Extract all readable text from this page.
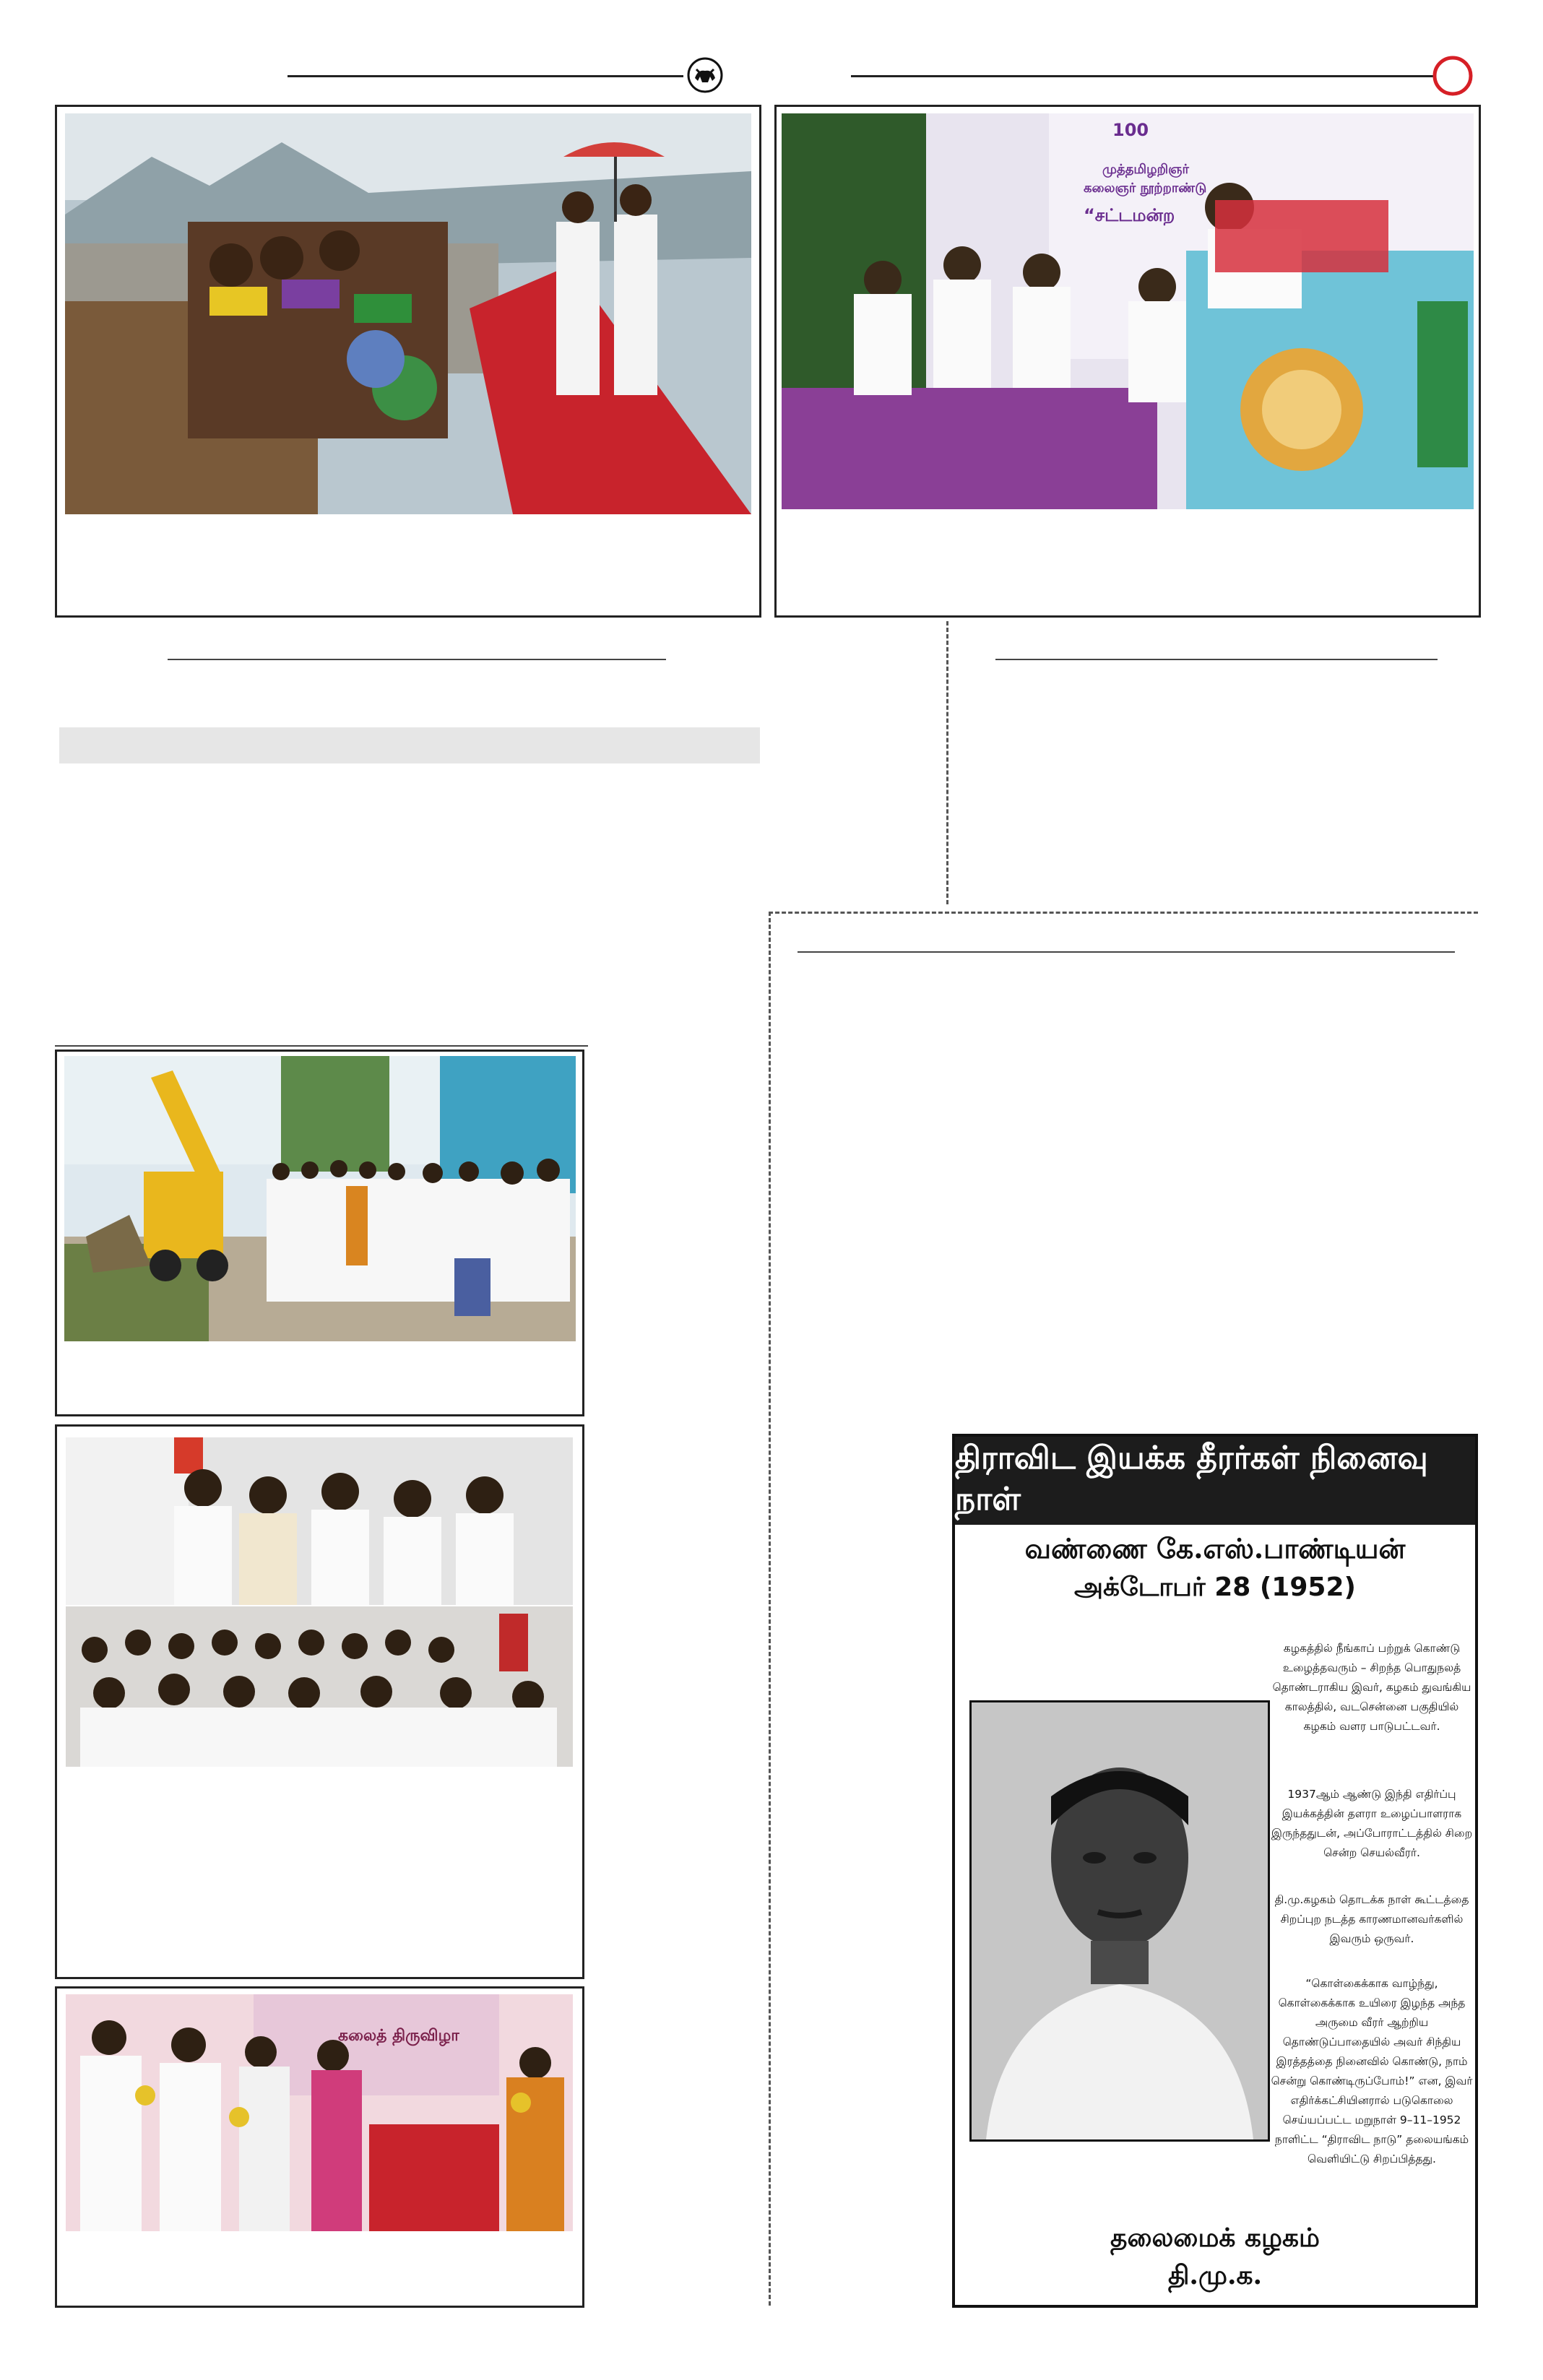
முத்தமிழறிஞர்
கலைஞர் நூற்றாண்டு
“சட்டமன்ற
100
கலைத் திருவிழா
திராவிட இயக்க தீரர்கள் நினைவு நாள்
வண்ணை கே.எஸ்.பாண்டியன்
அக்டோபர் 28 (1952)
கழகத்தில் நீங்காப் பற்றுக் கொண்டு உழைத்தவரும் – சிறந்த பொதுநலத் தொண்டராகிய இவர், கழகம் துவங்கிய காலத்தில், வடசென்னை பகுதியில் கழகம் வளர பாடுபட்டவர்.
1937ஆம் ஆண்டு இந்தி எதிர்ப்பு இயக்கத்தின் தளரா உழைப்பாளராக இருந்ததுடன், அப்போராட்டத்தில் சிறை சென்ற செயல்வீரர்.
தி.மு.கழகம் தொடக்க நாள் கூட்டத்தை சிறப்புற நடத்த காரணமானவர்களில் இவரும் ஒருவர்.
“கொள்கைக்காக வாழ்ந்து, கொள்கைக்காக உயிரை இழந்த அந்த அருமை வீரர் ஆற்றிய தொண்டுப்பாதையில் அவர் சிந்திய இரத்தத்தை நினைவில் கொண்டு, நாம் சென்று கொண்டிருப்போம்!” என, இவர் எதிர்க்கட்சியினரால் படுகொலை செய்யப்பட்ட மறுநாள் 9–11–1952 நாளிட்ட “திராவிட நாடு” தலையங்கம் வெளியிட்டு சிறப்பித்தது.
தலைமைக் கழகம்
தி.மு.க.
